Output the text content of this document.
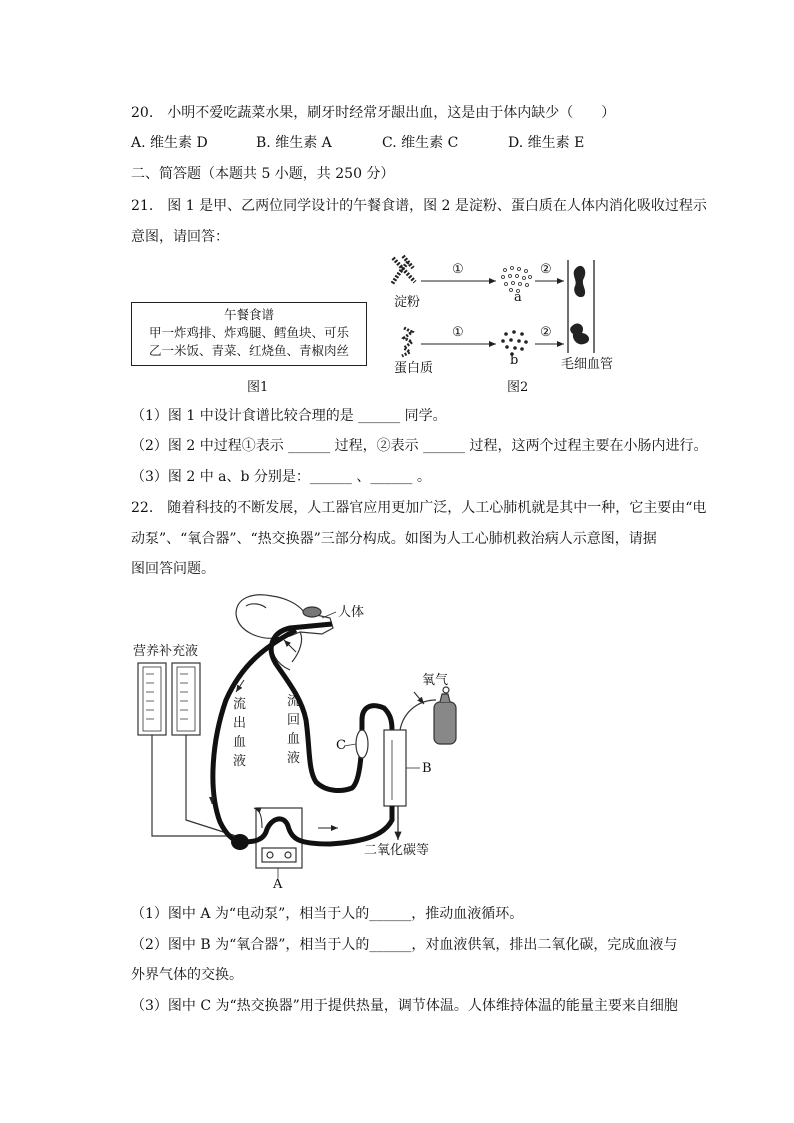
20.　小明不爱吃蔬菜水果，刷牙时经常牙龈出血，这是由于体内缺少（　　）
A. 维生素 D	B. 维生素 A	C. 维生素 C	D. 维生素 E
二、简答题（本题共 5 小题，共 250 分）
21.　图 1 是甲、乙两位同学设计的午餐食谱，图 2 是淀粉、蛋白质在人体内消化吸收过程示
意图，请回答：
午餐食谱
甲一炸鸡排、炸鸡腿、鳕鱼块、可乐
乙一米饭、青菜、红烧鱼、青椒肉丝
图1
①
①
②
②
淀粉
蛋白质
a
b	毛细血管
图2
（1）图 1 中设计食谱比较合理的是 ______ 同学。
（2）图 2 中过程①表示 ______ 过程，②表示 ______ 过程，这两个过程主要在小肠内进行。
（3）图 2 中 a、b 分别是：______ 、______ 。
22.　随着科技的不断发展，人工器官应用更加广泛，人工心肺机就是其中一种，它主要由“电
动泵”、“氧合器”、“热交换器”三部分构成。如图为人工心肺机救治病人示意图，请据
图回答问题。
人体
营养补充液
流
出
血
液
流
回
血
液
氧气
C
B
A
二氧化碳等
（1）图中 A 为“电动泵”，相当于人的______，推动血液循环。
（2）图中 B 为“氧合器”，相当于人的______，对血液供氧，排出二氧化碳，完成血液与
外界气体的交换。
（3）图中 C 为“热交换器”用于提供热量，调节体温。人体维持体温的能量主要来自细胞
